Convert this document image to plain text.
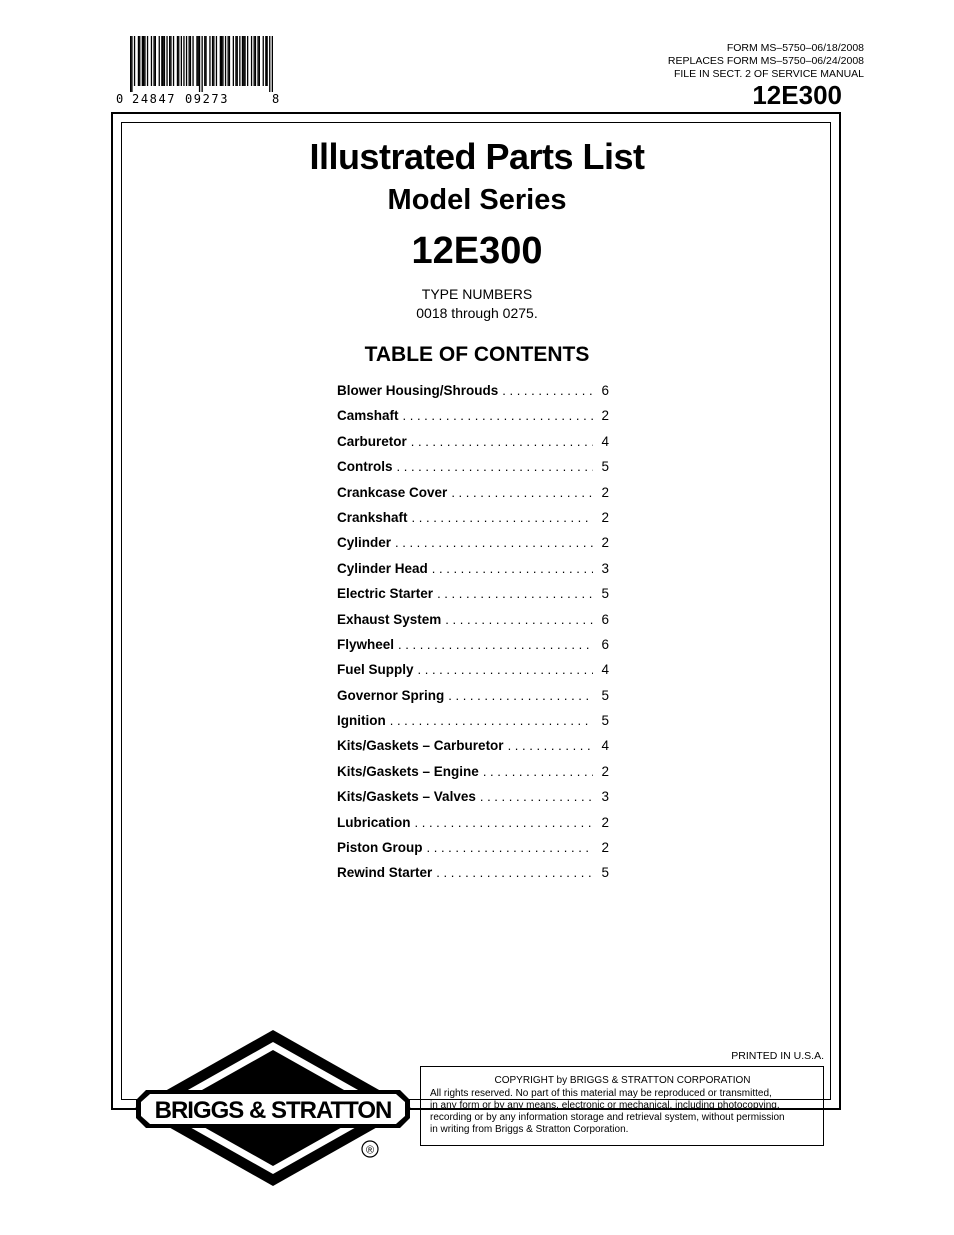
0 24847 09273	8
FORM MS–5750–06/18/2008
REPLACES FORM MS–5750–06/24/2008
FILE IN SECT. 2 OF SERVICE MANUAL
12E300
Illustrated Parts List
Model Series
12E300
TYPE NUMBERS
0018 through 0275.
TABLE OF CONTENTS
Blower Housing/Shrouds . . .	6
Camshaft . . .	2
Carburetor . . .	4
Controls . . .	5
Crankcase Cover . . .	2
Crankshaft . . .	2
Cylinder . . .	2
Cylinder Head . . .	3
Electric Starter . . .	5
Exhaust System . . .	6
Flywheel . . .	6
Fuel Supply . . .	4
Governor Spring . . .	5
Ignition . . .	5
Kits/Gaskets – Carburetor . . .	4
Kits/Gaskets – Engine . . .	2
Kits/Gaskets – Valves . . .	3
Lubrication . . .	2
Piston Group . . .	2
Rewind Starter . . .	5
PRINTED IN U.S.A.
BRIGGS & STRATTON
®
COPYRIGHT by BRIGGS & STRATTON CORPORATION
All rights reserved. No part of this material may be reproduced or transmitted,
in any form or by any means, electronic or mechanical, including photocopying,
recording or by any information storage and retrieval system, without permission
in writing from Briggs & Stratton Corporation.
